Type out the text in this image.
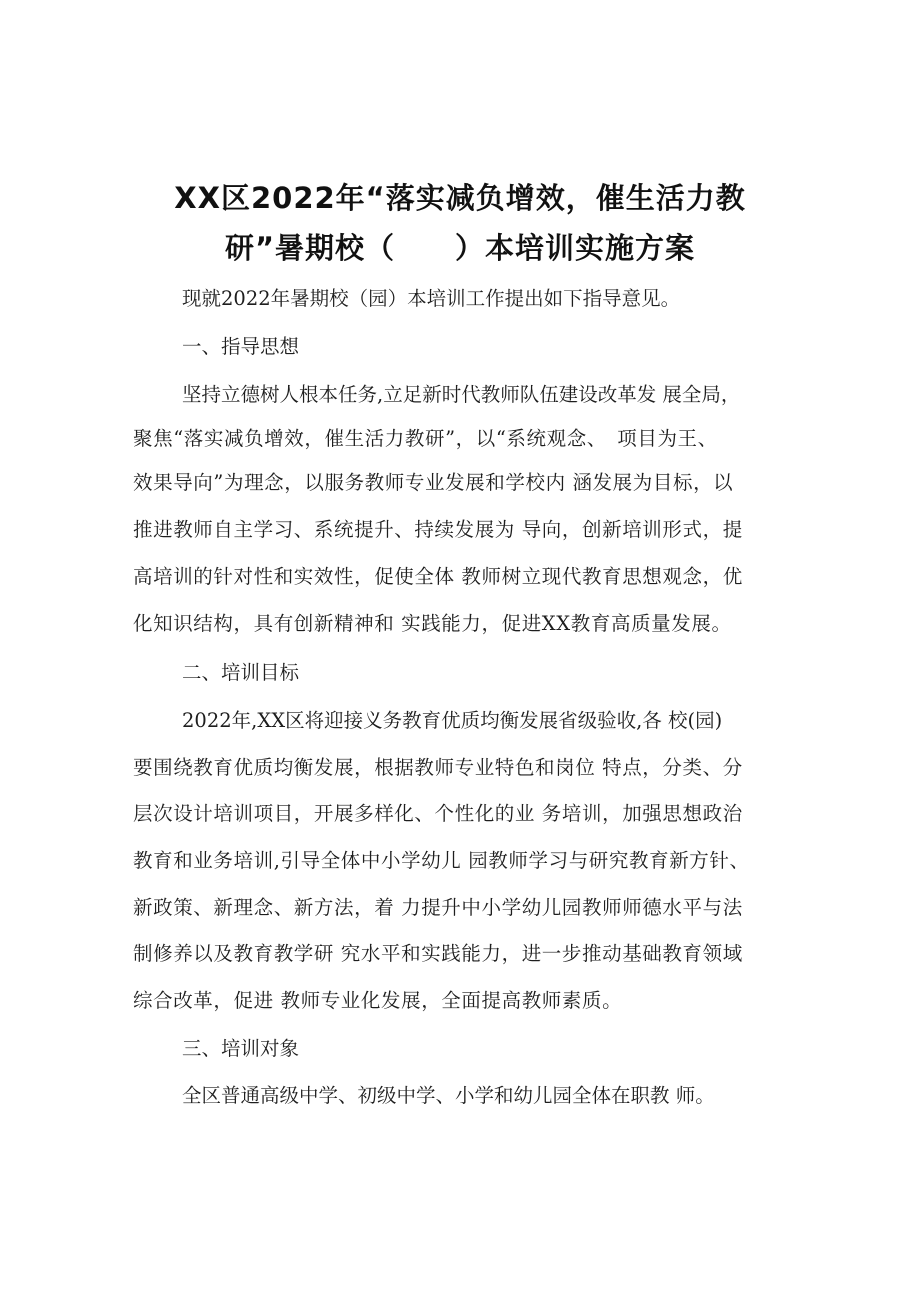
XX区2022年“落实减负增效，催生活力教
研”暑期校（　　）本培训实施方案
现就2022年暑期校（园）本培训工作提出如下指导意见。
一、指导思想
坚持立德树人根本任务,立足新时代教师队伍建设改革发 展全局，
聚焦“落实减负增效，催生活力教研”，以“系统观念、　项目为王、
效果导向”为理念，以服务教师专业发展和学校内 涵发展为目标，以
推进教师自主学习、系统提升、持续发展为 导向，创新培训形式，提
高培训的针对性和实效性，促使全体 教师树立现代教育思想观念，优
化知识结构，具有创新精神和 实践能力，促进XX教育高质量发展。
二、培训目标
2022年,XX区将迎接义务教育优质均衡发展省级验收,各 校(园)
要围绕教育优质均衡发展，根据教师专业特色和岗位 特点，分类、分
层次设计培训项目，开展多样化、个性化的业 务培训，加强思想政治
教育和业务培训,引导全体中小学幼儿 园教师学习与研究教育新方针、
新政策、新理念、新方法，着 力提升中小学幼儿园教师师德水平与法
制修养以及教育教学研 究水平和实践能力，进一步推动基础教育领域
综合改革，促进 教师专业化发展，全面提高教师素质。
三、培训对象
全区普通高级中学、初级中学、小学和幼儿园全体在职教 师。
